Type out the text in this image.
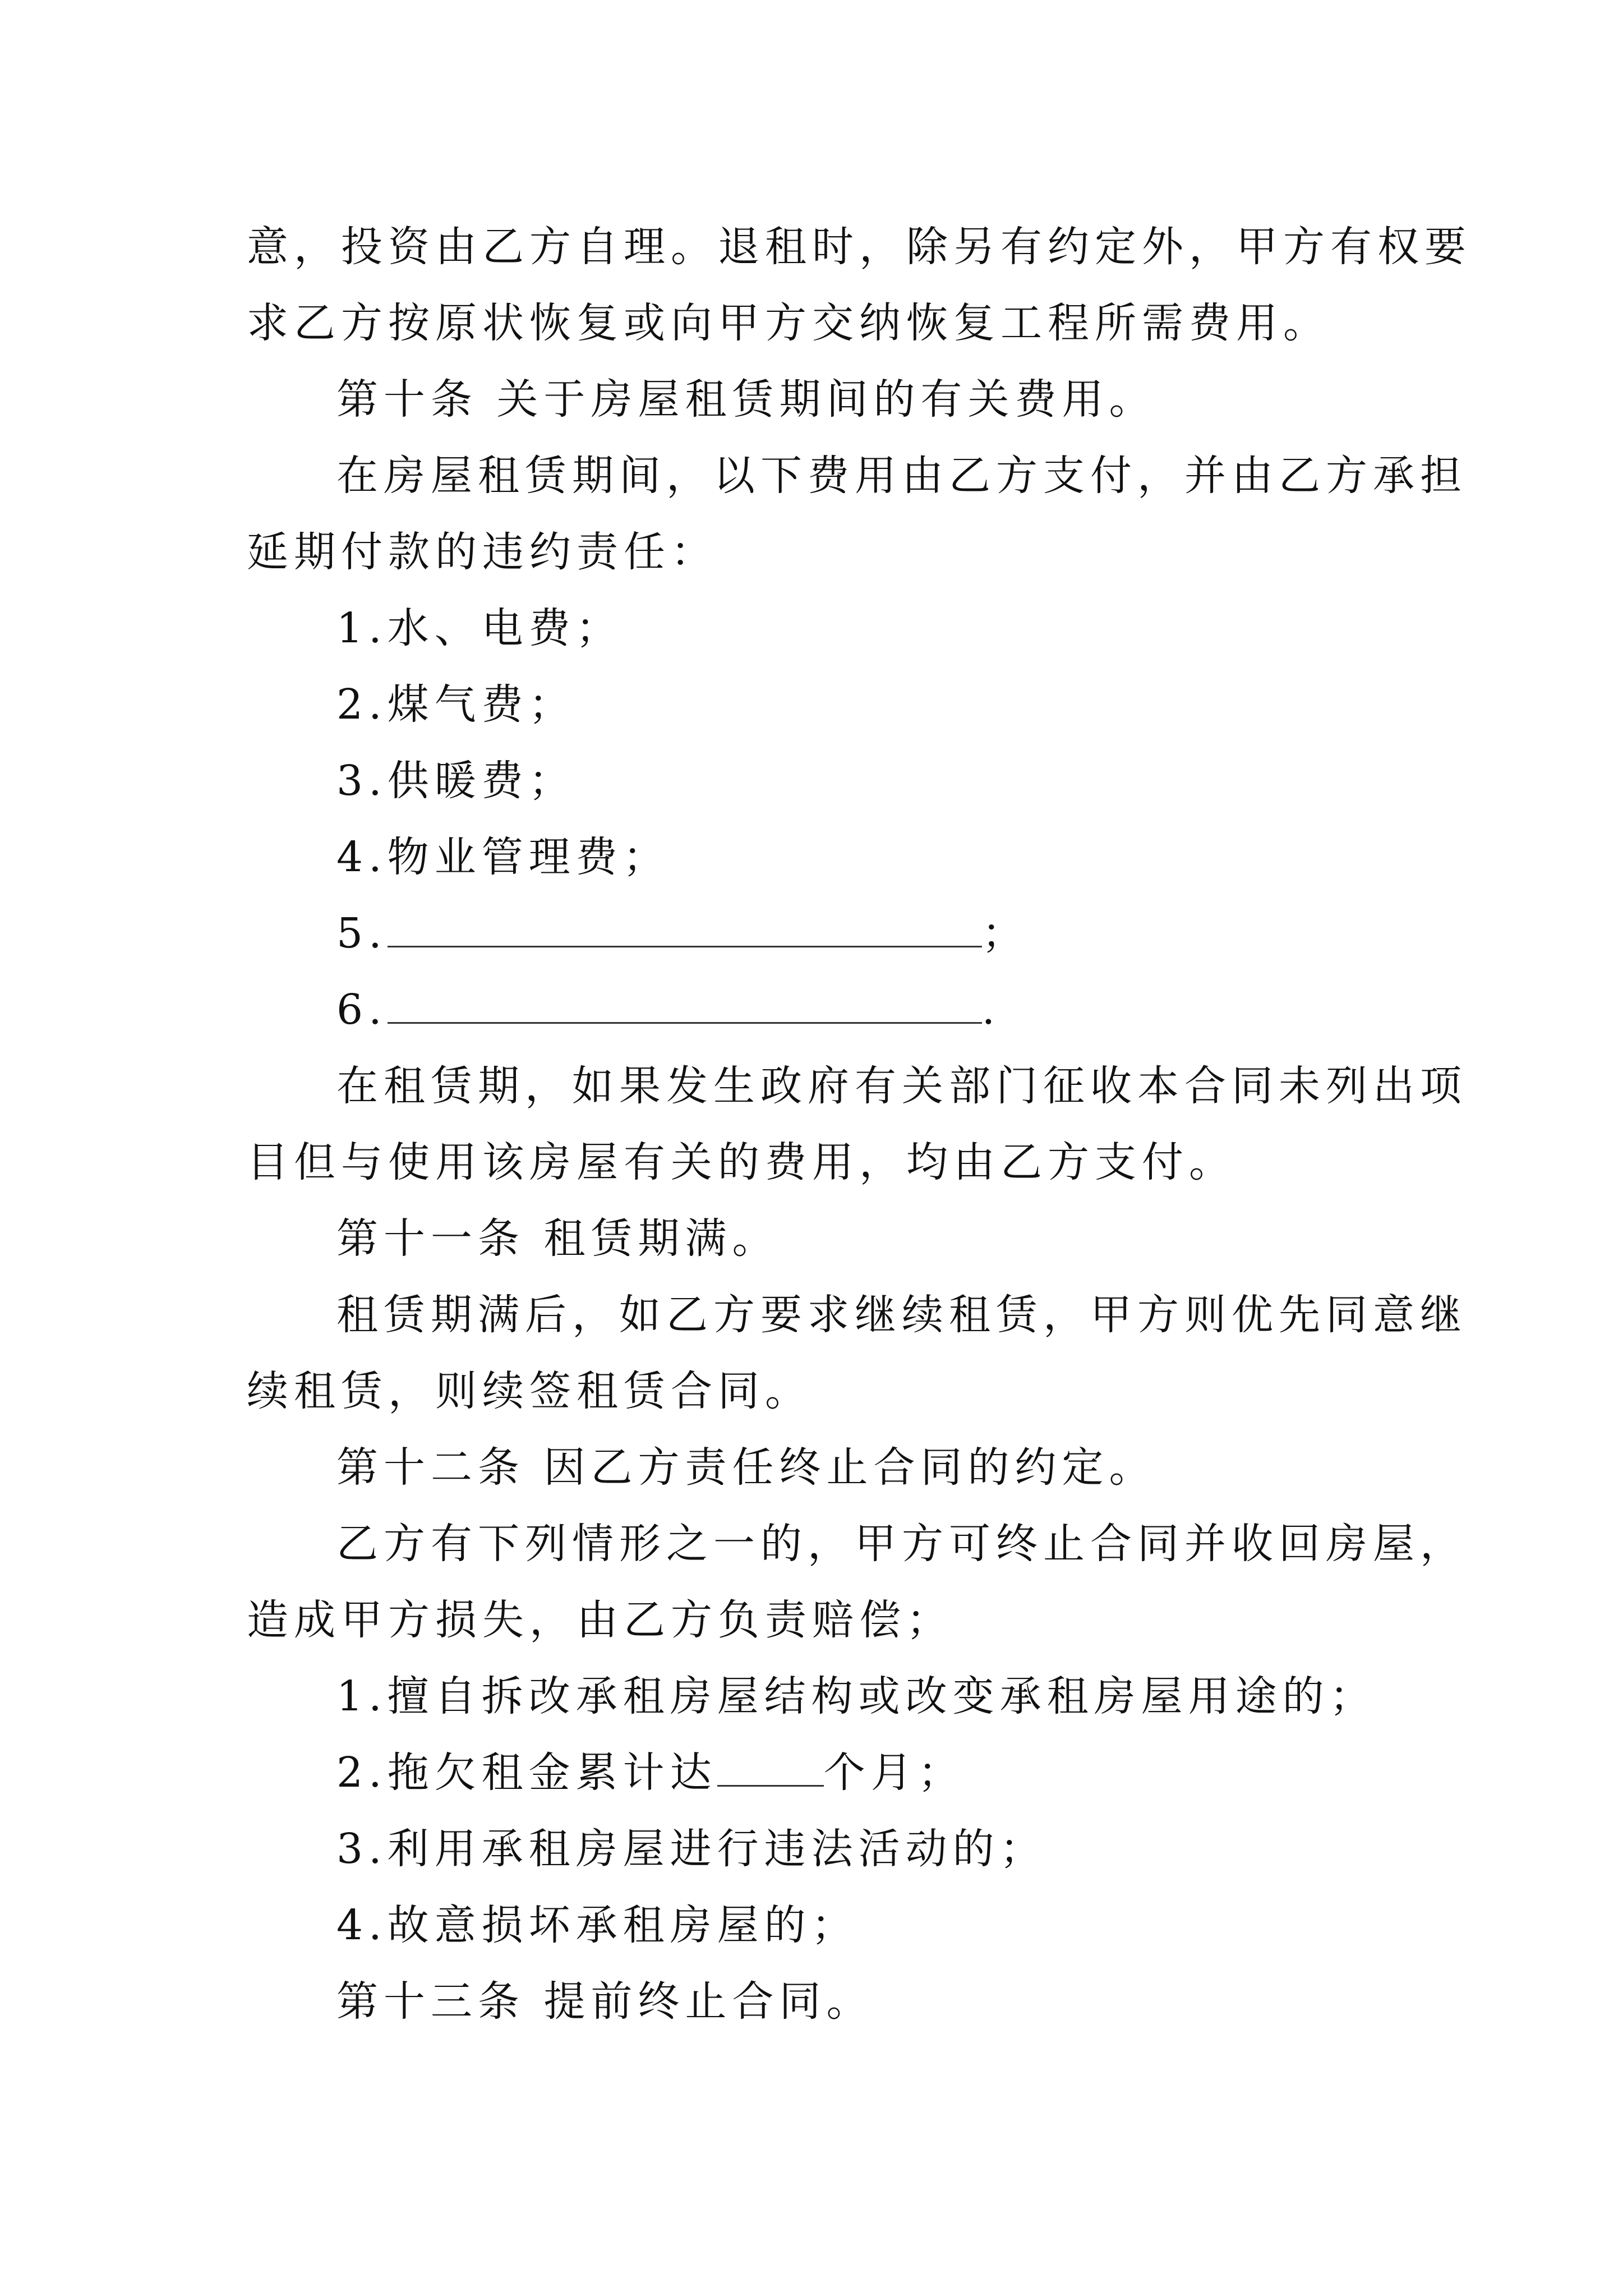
意，投资由乙方自理。退租时，除另有约定外，甲方有权要

求乙方按原状恢复或向甲方交纳恢复工程所需费用。

第十条 关于房屋租赁期间的有关费用。

在房屋租赁期间，以下费用由乙方支付，并由乙方承担

延期付款的违约责任：

1.水、电费；

2.煤气费；

3.供暖费；

4.物业管理费；

5.	；

6.	.

在租赁期，如果发生政府有关部门征收本合同未列出项

目但与使用该房屋有关的费用，均由乙方支付。

第十一条 租赁期满。

租赁期满后，如乙方要求继续租赁，甲方则优先同意继

续租赁，则续签租赁合同。

第十二条 因乙方责任终止合同的约定。

乙方有下列情形之一的，甲方可终止合同并收回房屋，

造成甲方损失，由乙方负责赔偿；

1.擅自拆改承租房屋结构或改变承租房屋用途的；

2.拖欠租金累计达	个月；

3.利用承租房屋进行违法活动的；

4.故意损坏承租房屋的；

第十三条 提前终止合同。
